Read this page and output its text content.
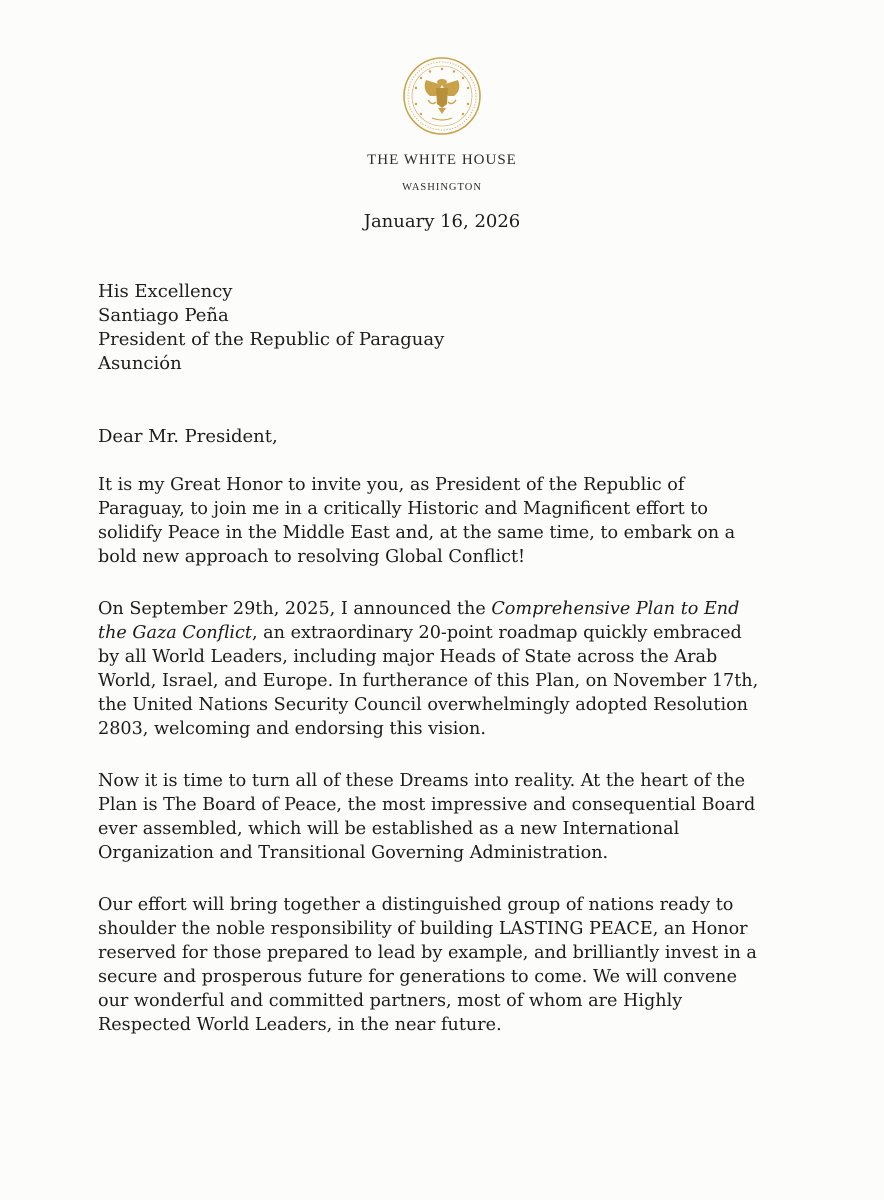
THE WHITE HOUSE
WASHINGTON
January 16, 2026
His Excellency
Santiago Peña
President of the Republic of Paraguay
Asunción
Dear Mr. President,
It is my Great Honor to invite you, as President of the Republic of
Paraguay, to join me in a critically Historic and Magnificent effort to
solidify Peace in the Middle East and, at the same time, to embark on a
bold new approach to resolving Global Conflict!
On September 29th, 2025, I announced the Comprehensive Plan to End
the Gaza Conflict, an extraordinary 20-point roadmap quickly embraced
by all World Leaders, including major Heads of State across the Arab
World, Israel, and Europe. In furtherance of this Plan, on November 17th,
the United Nations Security Council overwhelmingly adopted Resolution
2803, welcoming and endorsing this vision.
Now it is time to turn all of these Dreams into reality. At the heart of the
Plan is The Board of Peace, the most impressive and consequential Board
ever assembled, which will be established as a new International
Organization and Transitional Governing Administration.
Our effort will bring together a distinguished group of nations ready to
shoulder the noble responsibility of building LASTING PEACE, an Honor
reserved for those prepared to lead by example, and brilliantly invest in a
secure and prosperous future for generations to come. We will convene
our wonderful and committed partners, most of whom are Highly
Respected World Leaders, in the near future.
